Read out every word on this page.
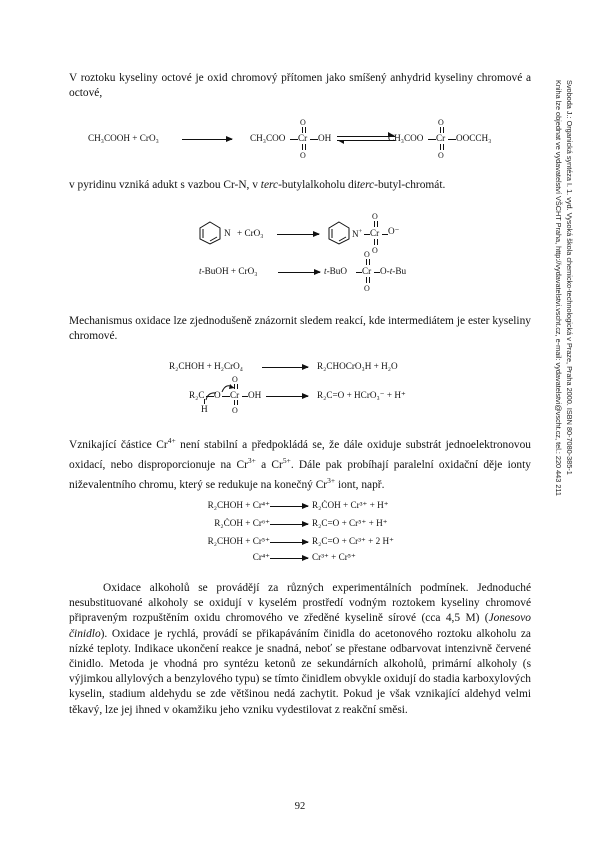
Svoboda J.: Organická syntéza I. 1. vyd. Vysoká škola chemicko-technologická v Praze, Praha 2000. ISBN 80-7080-385-1
Kniha lze objednat ve vydavatelství VŠCHT Praha, http://vydavatelstvi.vscht.cz, e-mail: vydavatelstvi@vscht.cz, tel.: 220 443 211
V roztoku kyseliny octové je oxid chromový přítomen jako smíšený anhydrid kyseliny chromové a octové,
CH₃COOH + CrO₃ → CH₃COO Cr OH
O
O
CH₃COO Cr OOCCH₃
O
O
v pyridinu vzniká adukt s vazbou Cr-N, v terc-butylalkoholu diterc-butyl-chromát.
N + CrO₃ →	N+ Cr O⁻
O
O
t-BuOH + CrO₃ → t-BuO Cr O-t-Bu
O
O
Mechanismus oxidace lze zjednodušeně znázornit sledem reakcí, kde intermediátem je ester kyseliny chromové.
R₂CHOH + H₂CrO₄ → R₂CHOCrO₃H + H₂O
R₂C O Cr OH
H
O
O
→ R₂C=O + HCrO₃⁻ + H⁺
Vznikající částice $Cr^{4+}$ není stabilní a předpokládá se, že dále oxiduje substrát jednoelektronovou oxidací, nebo disproporcionuje na $Cr^{3+}$ a $Cr^{5+}$. Dále pak probíhají paralelní oxidační děje ionty niževalentního chromu, který se redukuje na konečný $Cr^{3+}$ iont, např.
R₂CHOH + Cr⁴⁺ → R₂ĊOH + Cr³⁺ + H⁺
R₂ĊOH + Cr⁶⁺ → R₂C=O + Cr⁵⁺ + H⁺
R₂CHOH + Cr⁵⁺ → R₂C=O + Cr³⁺ + 2 H⁺
Cr⁴⁺ → Cr³⁺ + Cr⁵⁺
Oxidace alkoholů se provádějí za různých experimentálních podmínek. Jednoduché nesubstituované alkoholy se oxidují v kyselém prostředí vodným roztokem kyseliny chromové připraveným rozpuštěním oxidu chromového ve zředěné kyselině sírové (cca 4,5 M) (Jonesovo činidlo). Oxidace je rychlá, provádí se přikapáváním činidla do acetonového roztoku alkoholu za nízké teploty. Indikace ukončení reakce je snadná, neboť se přestane odbarvovat intenzivně červené činidlo. Metoda je vhodná pro syntézu ketonů ze sekundárních alkoholů, primární alkoholy (s výjimkou allylových a benzylového typu) se tímto činidlem obvykle oxidují do stadia karboxylových kyselin, stadium aldehydu se zde většinou nedá zachytit. Pokud je však vznikající aldehyd velmi těkavý, lze jej ihned v okamžiku jeho vzniku vydestilovat z reakční směsi.
92
